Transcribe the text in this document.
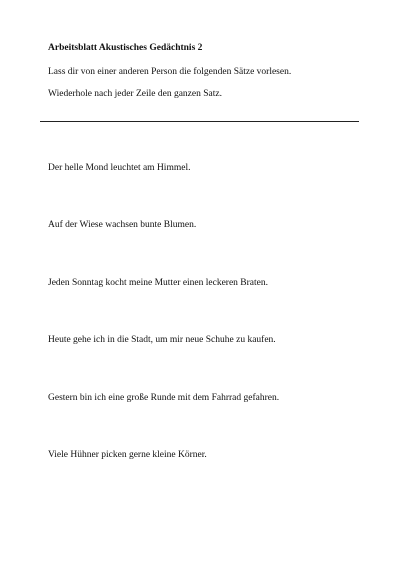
Arbeitsblatt Akustisches Gedächtnis 2
Lass dir von einer anderen Person die folgenden Sätze vorlesen.
Wiederhole nach jeder Zeile den ganzen Satz.
Der helle Mond leuchtet am Himmel.
Auf der Wiese wachsen bunte Blumen.
Jeden Sonntag kocht meine Mutter einen leckeren Braten.
Heute gehe ich in die Stadt, um mir neue Schuhe zu kaufen.
Gestern bin ich eine große Runde mit dem Fahrrad gefahren.
Viele Hühner picken gerne kleine Körner.
